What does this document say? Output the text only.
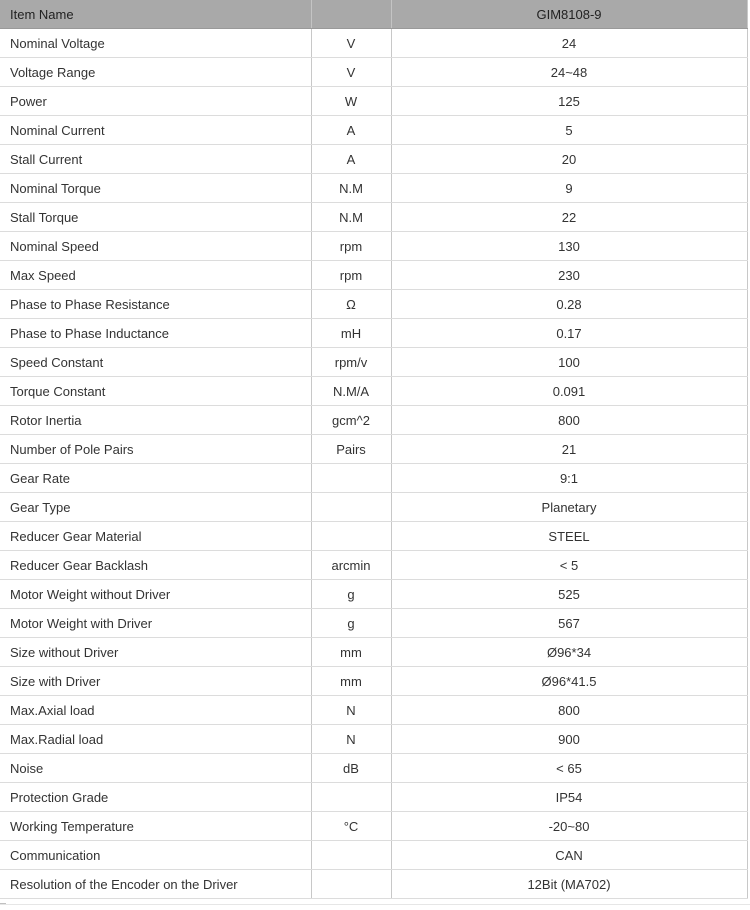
Item Name		GIM8108-9
Nominal Voltage	V	24
Voltage Range	V	24~48
Power	W	125
Nominal Current	A	5
Stall Current	A	20
Nominal Torque	N.M	9
Stall Torque	N.M	22
Nominal Speed	rpm	130
Max Speed	rpm	230
Phase to Phase Resistance	Ω	0.28
Phase to Phase Inductance	mH	0.17
Speed Constant	rpm/v	100
Torque Constant	N.M/A	0.091
Rotor Inertia	gcm^2	800
Number of Pole Pairs	Pairs	21
Gear Rate		9:1
Gear Type		Planetary
Reducer Gear Material		STEEL
Reducer Gear Backlash	arcmin	< 5
Motor Weight without Driver	g	525
Motor Weight with Driver	g	567
Size without Driver	mm	Ø96*34
Size with Driver	mm	Ø96*41.5
Max.Axial load	N	800
Max.Radial load	N	900
Noise	dB	< 65
Protection Grade		IP54
Working Temperature	°C	-20~80
Communication		CAN
Resolution of the Encoder on the Driver		12Bit (MA702)
